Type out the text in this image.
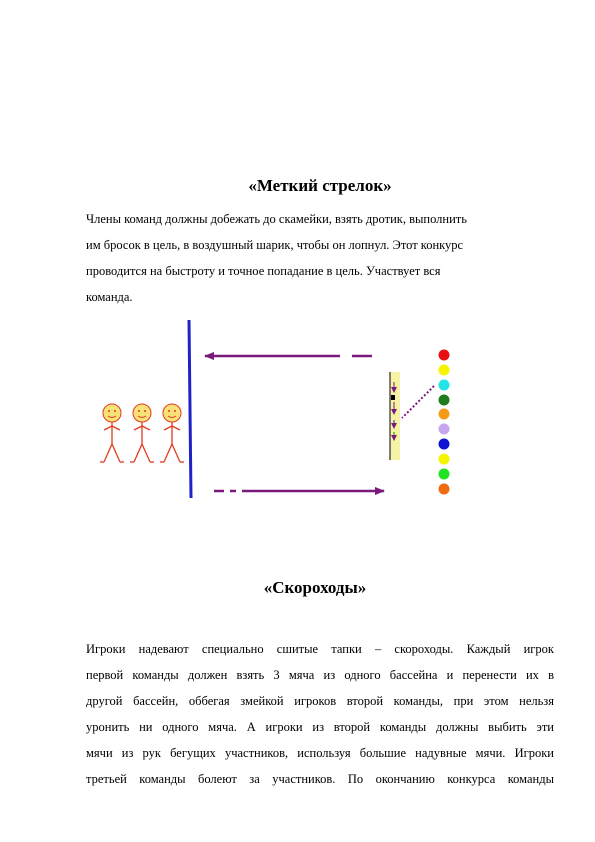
«Меткий стрелок»

Члены команд должны добежать до скамейки, взять дротик, выполнить
им бросок в цель, в воздушный шарик, чтобы он лопнул. Этот конкурс
проводится на быстроту и точное попадание в цель. Участвует вся
команда.

«Скороходы»

Игроки надевают специально сшитые тапки – скороходы. Каждый игрок
первой команды должен взять 3 мяча из одного бассейна и перенести их в
другой бассейн, оббегая змейкой игроков второй команды, при этом нельзя
уронить ни одного мяча. А игроки из второй команды должны выбить эти
мячи из рук бегущих участников, используя большие надувные мячи. Игроки
третьей команды болеют за участников. По окончанию конкурса команды
